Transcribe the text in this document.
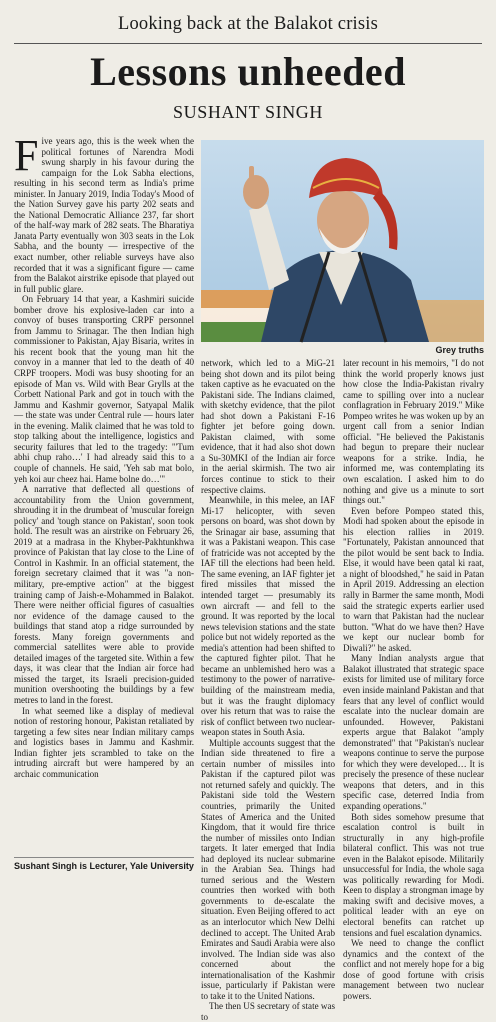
Looking back at the Balakot crisis
Lessons unheeded
SUSHANT SINGH

Five years ago, this is the week when the political fortunes of Narendra Modi swung sharply in his favour during the campaign for the Lok Sabha elections, resulting in his second term as India's prime minister. In January 2019, India Today's Mood of the Nation Survey gave his party 202 seats and the National Democratic Alliance 237, far short of the half-way mark of 282 seats. The Bharatiya Janata Party eventually won 303 seats in the Lok Sabha, and the bounty — irrespective of the exact number, other reliable surveys have also recorded that it was a significant figure — came from the Balakot airstrike episode that played out in full public glare.

On February 14 that year, a Kashmiri suicide bomber drove his explosive-laden car into a convoy of buses transporting CRPF personnel from Jammu to Srinagar. The then Indian high commissioner to Pakistan, Ajay Bisaria, writes in his recent book that the young man hit the convoy in a manner that led to the death of 40 CRPF troopers. Modi was busy shooting for an episode of Man vs. Wild with Bear Grylls at the Corbett National Park and got in touch with the Jammu and Kashmir governor, Satyapal Malik — the state was under Central rule — hours later in the evening. Malik claimed that he was told to stop talking about the intelligence, logistics and security failures that led to the tragedy: "'Tum abhi chup raho…' I had already said this to a couple of channels. He said, 'Yeh sab mat bolo, yeh koi aur cheez hai. Hame bolne do…'"

A narrative that deflected all questions of accountability from the Union government, shrouding it in the drumbeat of 'muscular foreign policy' and 'tough stance on Pakistan', soon took hold. The result was an airstrike on February 26, 2019 at a madrasa in the Khyber-Pakhtunkhwa province of Pakistan that lay close to the Line of Control in Kashmir. In an official statement, the foreign secretary claimed that it was "a non-military, pre-emptive action" at the biggest training camp of Jaish-e-Mohammed in Balakot. There were neither official figures of casualties nor evidence of the damage caused to the buildings that stand atop a ridge surrounded by forests. Many foreign governments and commercial satellites were able to provide detailed images of the targeted site. Within a few days, it was clear that the Indian air force had missed the target, its Israeli precision-guided munition overshooting the buildings by a few metres to land in the forest.

In what seemed like a display of medieval notion of restoring honour, Pakistan retaliated by targeting a few sites near Indian military camps and logistics bases in Jammu and Kashmir. Indian fighter jets scrambled to take on the intruding aircraft but were hampered by an archaic communication

Sushant Singh is Lecturer, Yale University
Grey truths

network, which led to a MiG-21 being shot down and its pilot being taken captive as he evacuated on the Pakistani side. The Indians claimed, with sketchy evidence, that the pilot had shot down a Pakistani F-16 fighter jet before going down. Pakistan claimed, with some evidence, that it had also shot down a Su-30MKI of the Indian air force in the aerial skirmish. The two air forces continue to stick to their respective claims.

Meanwhile, in this melee, an IAF Mi-17 helicopter, with seven persons on board, was shot down by the Srinagar air base, assuming that it was a Pakistani weapon. This case of fratricide was not accepted by the IAF till the elections had been held. The same evening, an IAF fighter jet fired missiles that missed the intended target — presumably its own aircraft — and fell to the ground. It was reported by the local news television stations and the state police but not widely reported as the media's attention had been shifted to the captured fighter pilot. That he became an unblemished hero was a testimony to the power of narrative-building of the mainstream media, but it was the fraught diplomacy over his return that was to raise the risk of conflict between two nuclear-weapon states in South Asia.

Multiple accounts suggest that the Indian side threatened to fire a certain number of missiles into Pakistan if the captured pilot was not returned safely and quickly. The Pakistani side told the Western countries, primarily the United States of America and the United Kingdom, that it would fire thrice the number of missiles onto Indian targets. It later emerged that India had deployed its nuclear submarine in the Arabian Sea. Things had turned serious and the Western countries then worked with both governments to de-escalate the situation. Even Beijing offered to act as an interlocutor which New Delhi declined to accept. The United Arab Emirates and Saudi Arabia were also involved. The Indian side was also concerned about the internationalisation of the Kashmir issue, particularly if Pakistan were to take it to the United Nations.

The then US secretary of state was to

later recount in his memoirs, "I do not think the world properly knows just how close the India-Pakistan rivalry came to spilling over into a nuclear conflagration in February 2019." Mike Pompeo writes he was woken up by an urgent call from a senior Indian official. "He believed the Pakistanis had begun to prepare their nuclear weapons for a strike. India, he informed me, was contemplating its own escalation. I asked him to do nothing and give us a minute to sort things out."

Even before Pompeo stated this, Modi had spoken about the episode in his election rallies in 2019. "Fortunately, Pakistan announced that the pilot would be sent back to India. Else, it would have been qatal ki raat, a night of bloodshed," he said in Patan in April 2019. Addressing an election rally in Barmer the same month, Modi said the strategic experts earlier used to warn that Pakistan had the nuclear button. "What do we have then? Have we kept our nuclear bomb for Diwali?" he asked.

Many Indian analysts argue that Balakot illustrated that strategic space exists for limited use of military force even inside mainland Pakistan and that fears that any level of conflict would escalate into the nuclear domain are unfounded. However, Pakistani experts argue that Balakot "amply demonstrated" that "Pakistan's nuclear weapons continue to serve the purpose for which they were developed… It is precisely the presence of these nuclear weapons that deters, and in this specific case, deterred India from expanding operations."

Both sides somehow presume that escalation control is built in structurally in any high-profile bilateral conflict. This was not true even in the Balakot episode. Militarily unsuccessful for India, the whole saga was politically rewarding for Modi. Keen to display a strongman image by making swift and decisive moves, a political leader with an eye on electoral benefits can ratchet up tensions and fuel escalation dynamics.

We need to change the conflict dynamics and the context of the conflict and not merely hope for a big dose of good fortune with crisis management between two nuclear powers.
